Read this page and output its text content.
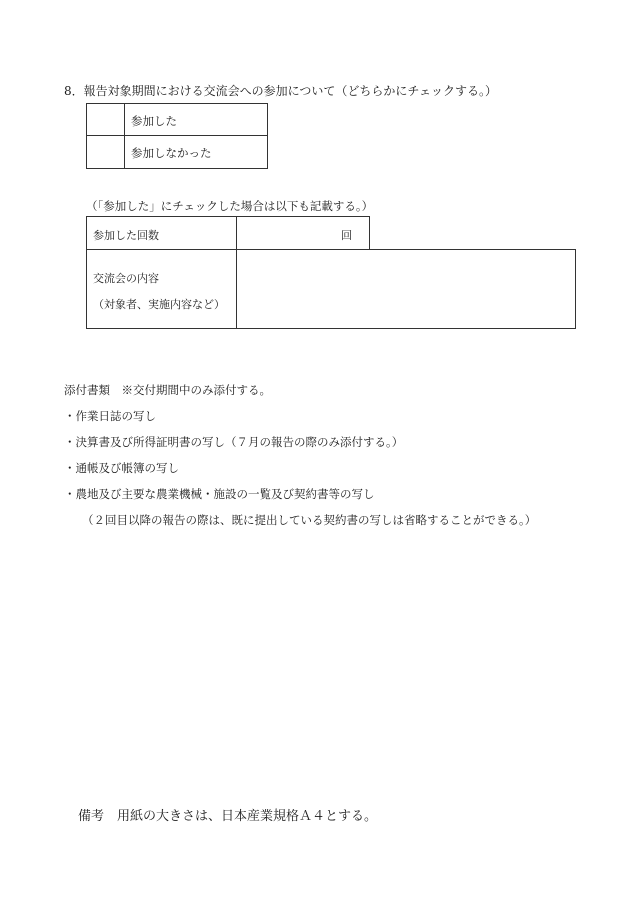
8．報告対象期間における交流会への参加について（どちらかにチェックする。）
参加した
参加しなかった
（「参加した」にチェックした場合は以下も記載する。）
参加した回数	回
交流会の内容
（対象者、実施内容など）
添付書類　※交付期間中のみ添付する。
・作業日誌の写し
・決算書及び所得証明書の写し（７月の報告の際のみ添付する。）
・通帳及び帳簿の写し
・農地及び主要な農業機械・施設の一覧及び契約書等の写し
（２回目以降の報告の際は、既に提出している契約書の写しは省略することができる。）
備考　用紙の大きさは、日本産業規格Ａ４とする。
